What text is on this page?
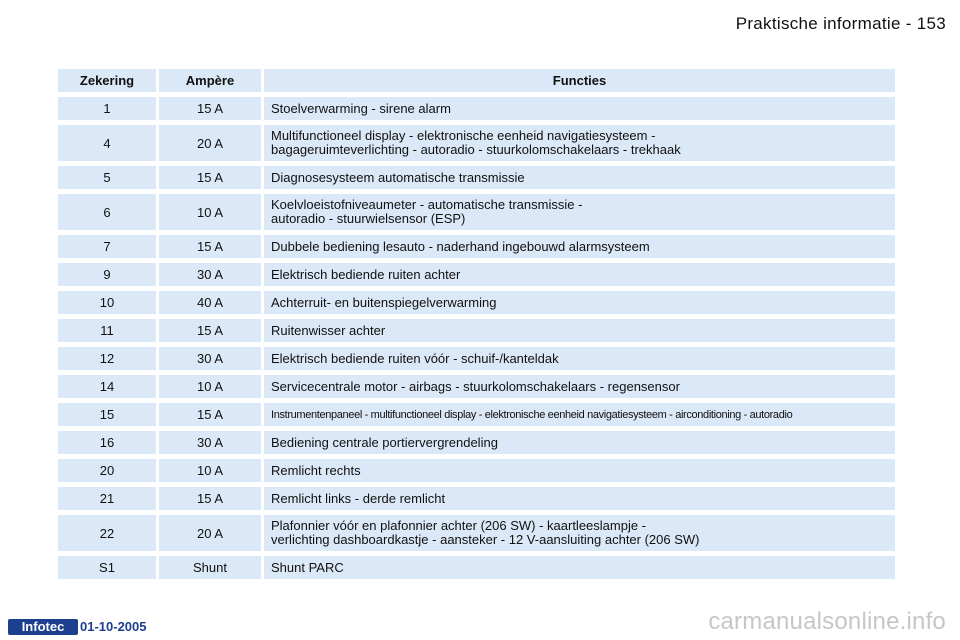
Praktische informatie - 153
Zekering	Ampère	Functies
1	15 A	Stoelverwarming - sirene alarm

4	20 A	Multifunctioneel display - elektronische eenheid navigatiesysteem -
bagageruimteverlichting - autoradio - stuurkolomschakelaars - trekhaak

5	15 A	Diagnosesysteem automatische transmissie

6	10 A	Koelvloeistofniveaumeter - automatische transmissie -
autoradio - stuurwielsensor (ESP)

7	15 A	Dubbele bediening lesauto - naderhand ingebouwd alarmsysteem

9	30 A	Elektrisch bediende ruiten achter

10	40 A	Achterruit- en buitenspiegelverwarming

11	15 A	Ruitenwisser achter

12	30 A	Elektrisch bediende ruiten vóór - schuif-/kanteldak

14	10 A	Servicecentrale motor - airbags - stuurkolomschakelaars - regensensor

15	15 A	Instrumentenpaneel - multifunctioneel display - elektronische eenheid navigatiesysteem - airconditioning - autoradio

16	30 A	Bediening centrale portiervergrendeling

20	10 A	Remlicht rechts

21	15 A	Remlicht links - derde remlicht

22	20 A	Plafonnier vóór en plafonnier achter (206 SW) - kaartleeslampje -
verlichting dashboardkastje - aansteker - 12 V-aansluiting achter (206 SW)

S1	Shunt	Shunt PARC
Infotec	01-10-2005	carmanualsonline.info
